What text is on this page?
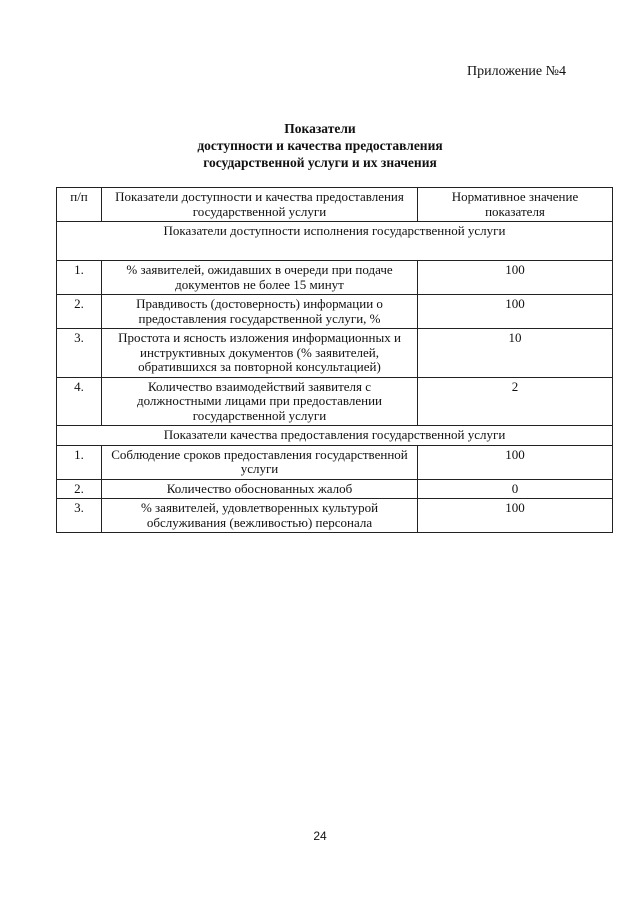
Приложение №4
Показатели
доступности и качества предоставления
государственной услуги и их значения
п/п	Показатели доступности и качества предоставления государственной услуги	Нормативное значение показателя
Показатели доступности исполнения государственной услуги		
1.	% заявителей, ожидавших в очереди при подаче документов не более 15 минут	100
2.	Правдивость (достоверность) информации о предоставления государственной услуги, %	100
3.	Простота и ясность изложения информационных и инструктивных документов (% заявителей, обратившихся за повторной консультацией)	10
4.	Количество взаимодействий заявителя с должностными лицами при предоставлении государственной услуги	2
Показатели качества предоставления государственной услуги		
1.	Соблюдение сроков предоставления государственной услуги	100
2.	Количество обоснованных жалоб	0
3.	% заявителей, удовлетворенных культурой обслуживания (вежливостью) персонала	100
24
